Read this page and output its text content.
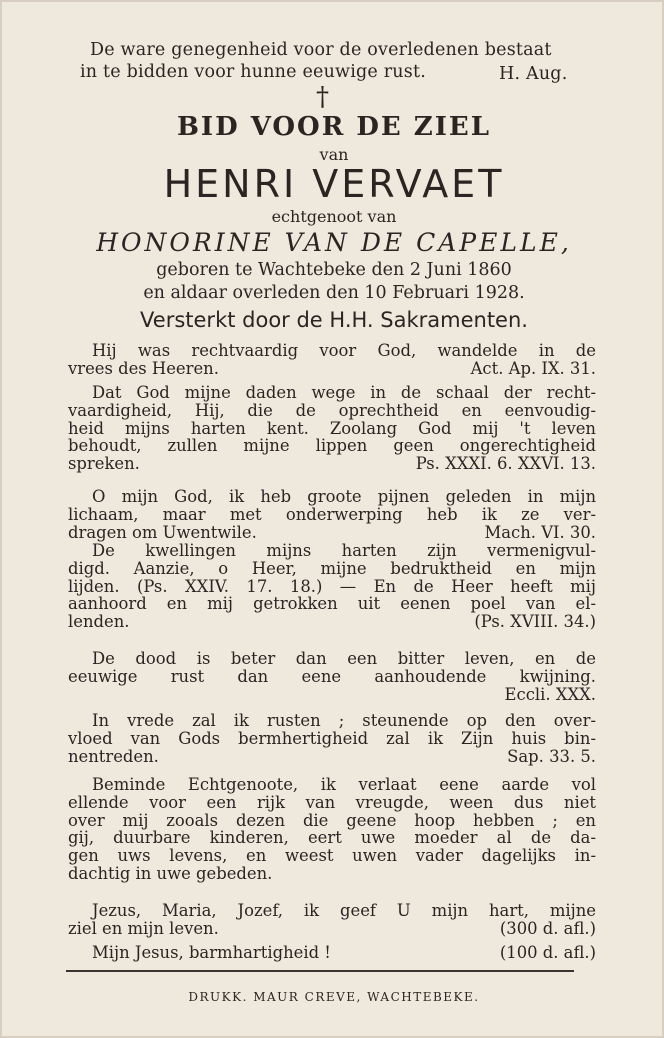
De ware genegenheid voor de overledenen bestaat
in te bidden voor hunne eeuwige rust.	H. Aug.
†
BID VOOR DE ZIEL
van
HENRI VERVAET
echtgenoot van
HONORINE VAN DE CAPELLE,
geboren te Wachtebeke den 2 Juni 1860
en aldaar overleden den 10 Februari 1928.
Versterkt door de H.H. Sakramenten.
Hij was rechtvaardig voor God, wandelde in de
vrees des Heeren.	Act. Ap. IX. 31.
Dat God mijne daden wege in de schaal der recht-
vaardigheid, Hij, die de oprechtheid en eenvoudig-
heid mijns harten kent. Zoolang God mij 't leven
behoudt, zullen mijne lippen geen ongerechtigheid
spreken.	Ps. XXXI. 6. XXVI. 13.
O mijn God, ik heb groote pijnen geleden in mijn
lichaam, maar met onderwerping heb ik ze ver-
dragen om Uwentwile.	Mach. VI. 30.
De kwellingen mijns harten zijn vermenigvul-
digd. Aanzie, o Heer, mijne bedruktheid en mijn
lijden. (Ps. XXIV. 17. 18.) — En de Heer heeft mij
aanhoord en mij getrokken uit eenen poel van el-
lenden.	(Ps. XVIII. 34.)
De dood is beter dan een bitter leven, en de
eeuwige rust dan eene aanhoudende kwijning.
Eccli. XXX.
In vrede zal ik rusten ; steunende op den over-
vloed van Gods bermhertigheid zal ik Zijn huis bin-
nentreden.	Sap. 33. 5.
Beminde Echtgenoote, ik verlaat eene aarde vol
ellende voor een rijk van vreugde, ween dus niet
over mij zooals dezen die geene hoop hebben ; en
gij, duurbare kinderen, eert uwe moeder al de da-
gen uws levens, en weest uwen vader dagelijks in-
dachtig in uwe gebeden.
Jezus, Maria, Jozef, ik geef U mijn hart, mijne
ziel en mijn leven.	(300 d. afl.)
Mijn Jesus, barmhartigheid !	(100 d. afl.)
DRUKK. MAUR CREVE, WACHTEBEKE.
